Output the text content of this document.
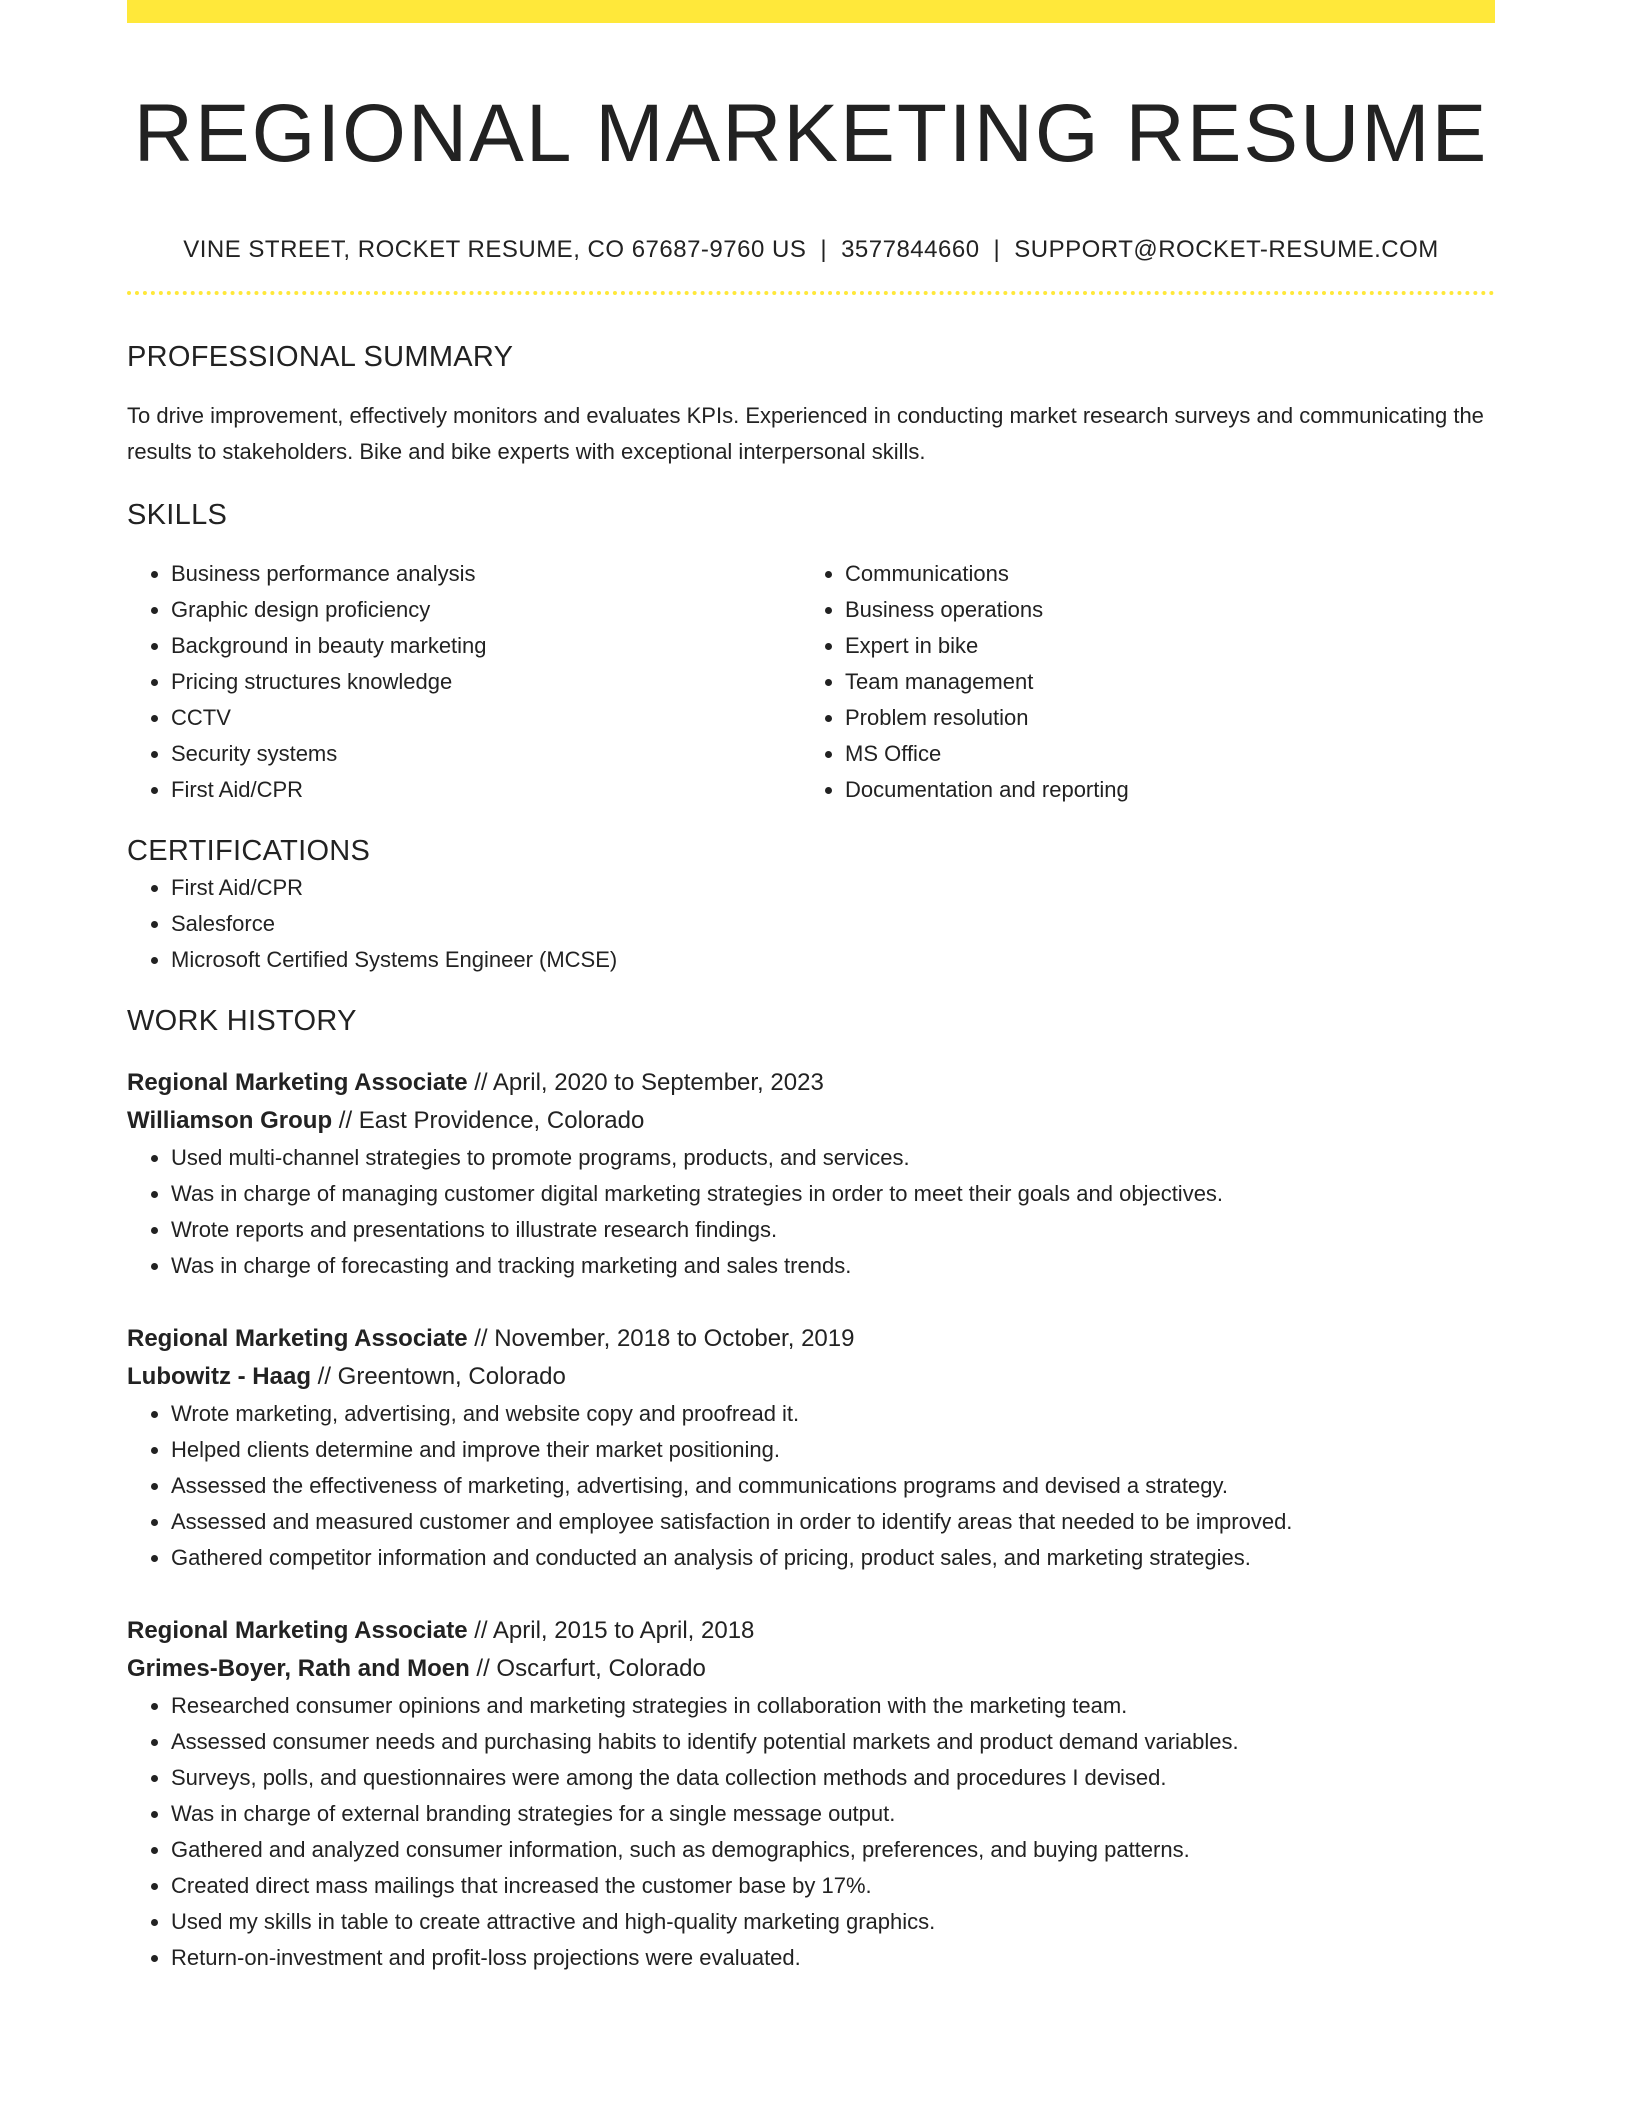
REGIONAL MARKETING RESUME
VINE STREET, ROCKET RESUME, CO 67687-9760 US | 3577844660 | SUPPORT@ROCKET-RESUME.COM
PROFESSIONAL SUMMARY

To drive improvement, effectively monitors and evaluates KPIs. Experienced in conducting market research surveys and communicating the results to stakeholders. Bike and bike experts with exceptional interpersonal skills.

SKILLS
• Business performance analysis
• Graphic design proficiency
• Background in beauty marketing
• Pricing structures knowledge
• CCTV
• Security systems
• First Aid/CPR
• Communications
• Business operations
• Expert in bike
• Team management
• Problem resolution
• MS Office
• Documentation and reporting
CERTIFICATIONS
• First Aid/CPR
• Salesforce
• Microsoft Certified Systems Engineer (MCSE)
WORK HISTORY
Regional Marketing Associate // April, 2020 to September, 2023
Williamson Group // East Providence, Colorado
• Used multi-channel strategies to promote programs, products, and services.
• Was in charge of managing customer digital marketing strategies in order to meet their goals and objectives.
• Wrote reports and presentations to illustrate research findings.
• Was in charge of forecasting and tracking marketing and sales trends.
Regional Marketing Associate // November, 2018 to October, 2019
Lubowitz - Haag // Greentown, Colorado
• Wrote marketing, advertising, and website copy and proofread it.
• Helped clients determine and improve their market positioning.
• Assessed the effectiveness of marketing, advertising, and communications programs and devised a strategy.
• Assessed and measured customer and employee satisfaction in order to identify areas that needed to be improved.
• Gathered competitor information and conducted an analysis of pricing, product sales, and marketing strategies.
Regional Marketing Associate // April, 2015 to April, 2018
Grimes-Boyer, Rath and Moen // Oscarfurt, Colorado
• Researched consumer opinions and marketing strategies in collaboration with the marketing team.
• Assessed consumer needs and purchasing habits to identify potential markets and product demand variables.
• Surveys, polls, and questionnaires were among the data collection methods and procedures I devised.
• Was in charge of external branding strategies for a single message output.
• Gathered and analyzed consumer information, such as demographics, preferences, and buying patterns.
• Created direct mass mailings that increased the customer base by 17%.
• Used my skills in table to create attractive and high-quality marketing graphics.
• Return-on-investment and profit-loss projections were evaluated.
